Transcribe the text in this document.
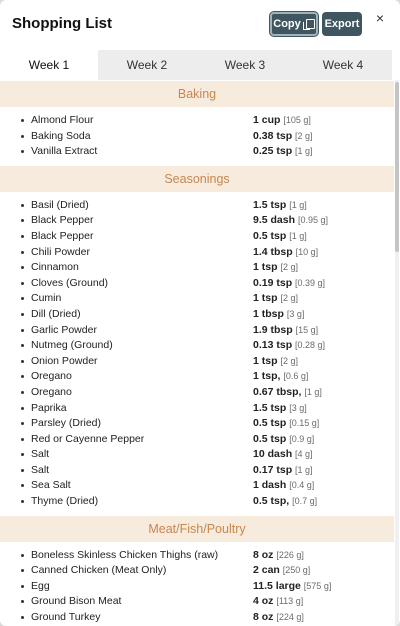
Shopping List	Copy Export ×
Week 1	Week 2	Week 3	Week 4
Baking
Almond Flour	1 cup [105 g]
Baking Soda	0.38 tsp [2 g]
Vanilla Extract	0.25 tsp [1 g]
Seasonings
Basil (Dried)	1.5 tsp [1 g]
Black Pepper	9.5 dash [0.95 g]
Black Pepper	0.5 tsp [1 g]
Chili Powder	1.4 tbsp [10 g]
Cinnamon	1 tsp [2 g]
Cloves (Ground)	0.19 tsp [0.39 g]
Cumin	1 tsp [2 g]
Dill (Dried)	1 tbsp [3 g]
Garlic Powder	1.9 tbsp [15 g]
Nutmeg (Ground)	0.13 tsp [0.28 g]
Onion Powder	1 tsp [2 g]
Oregano	1 tsp, [0.6 g]
Oregano	0.67 tbsp, [1 g]
Paprika	1.5 tsp [3 g]
Parsley (Dried)	0.5 tsp [0.15 g]
Red or Cayenne Pepper	0.5 tsp [0.9 g]
Salt	10 dash [4 g]
Salt	0.17 tsp [1 g]
Sea Salt	1 dash [0.4 g]
Thyme (Dried)	0.5 tsp, [0.7 g]
Meat/Fish/Poultry
Boneless Skinless Chicken Thighs (raw)	8 oz [226 g]
Canned Chicken (Meat Only)	2 can [250 g]
Egg	11.5 large [575 g]
Ground Bison Meat	4 oz [113 g]
Ground Turkey	8 oz [224 g]
